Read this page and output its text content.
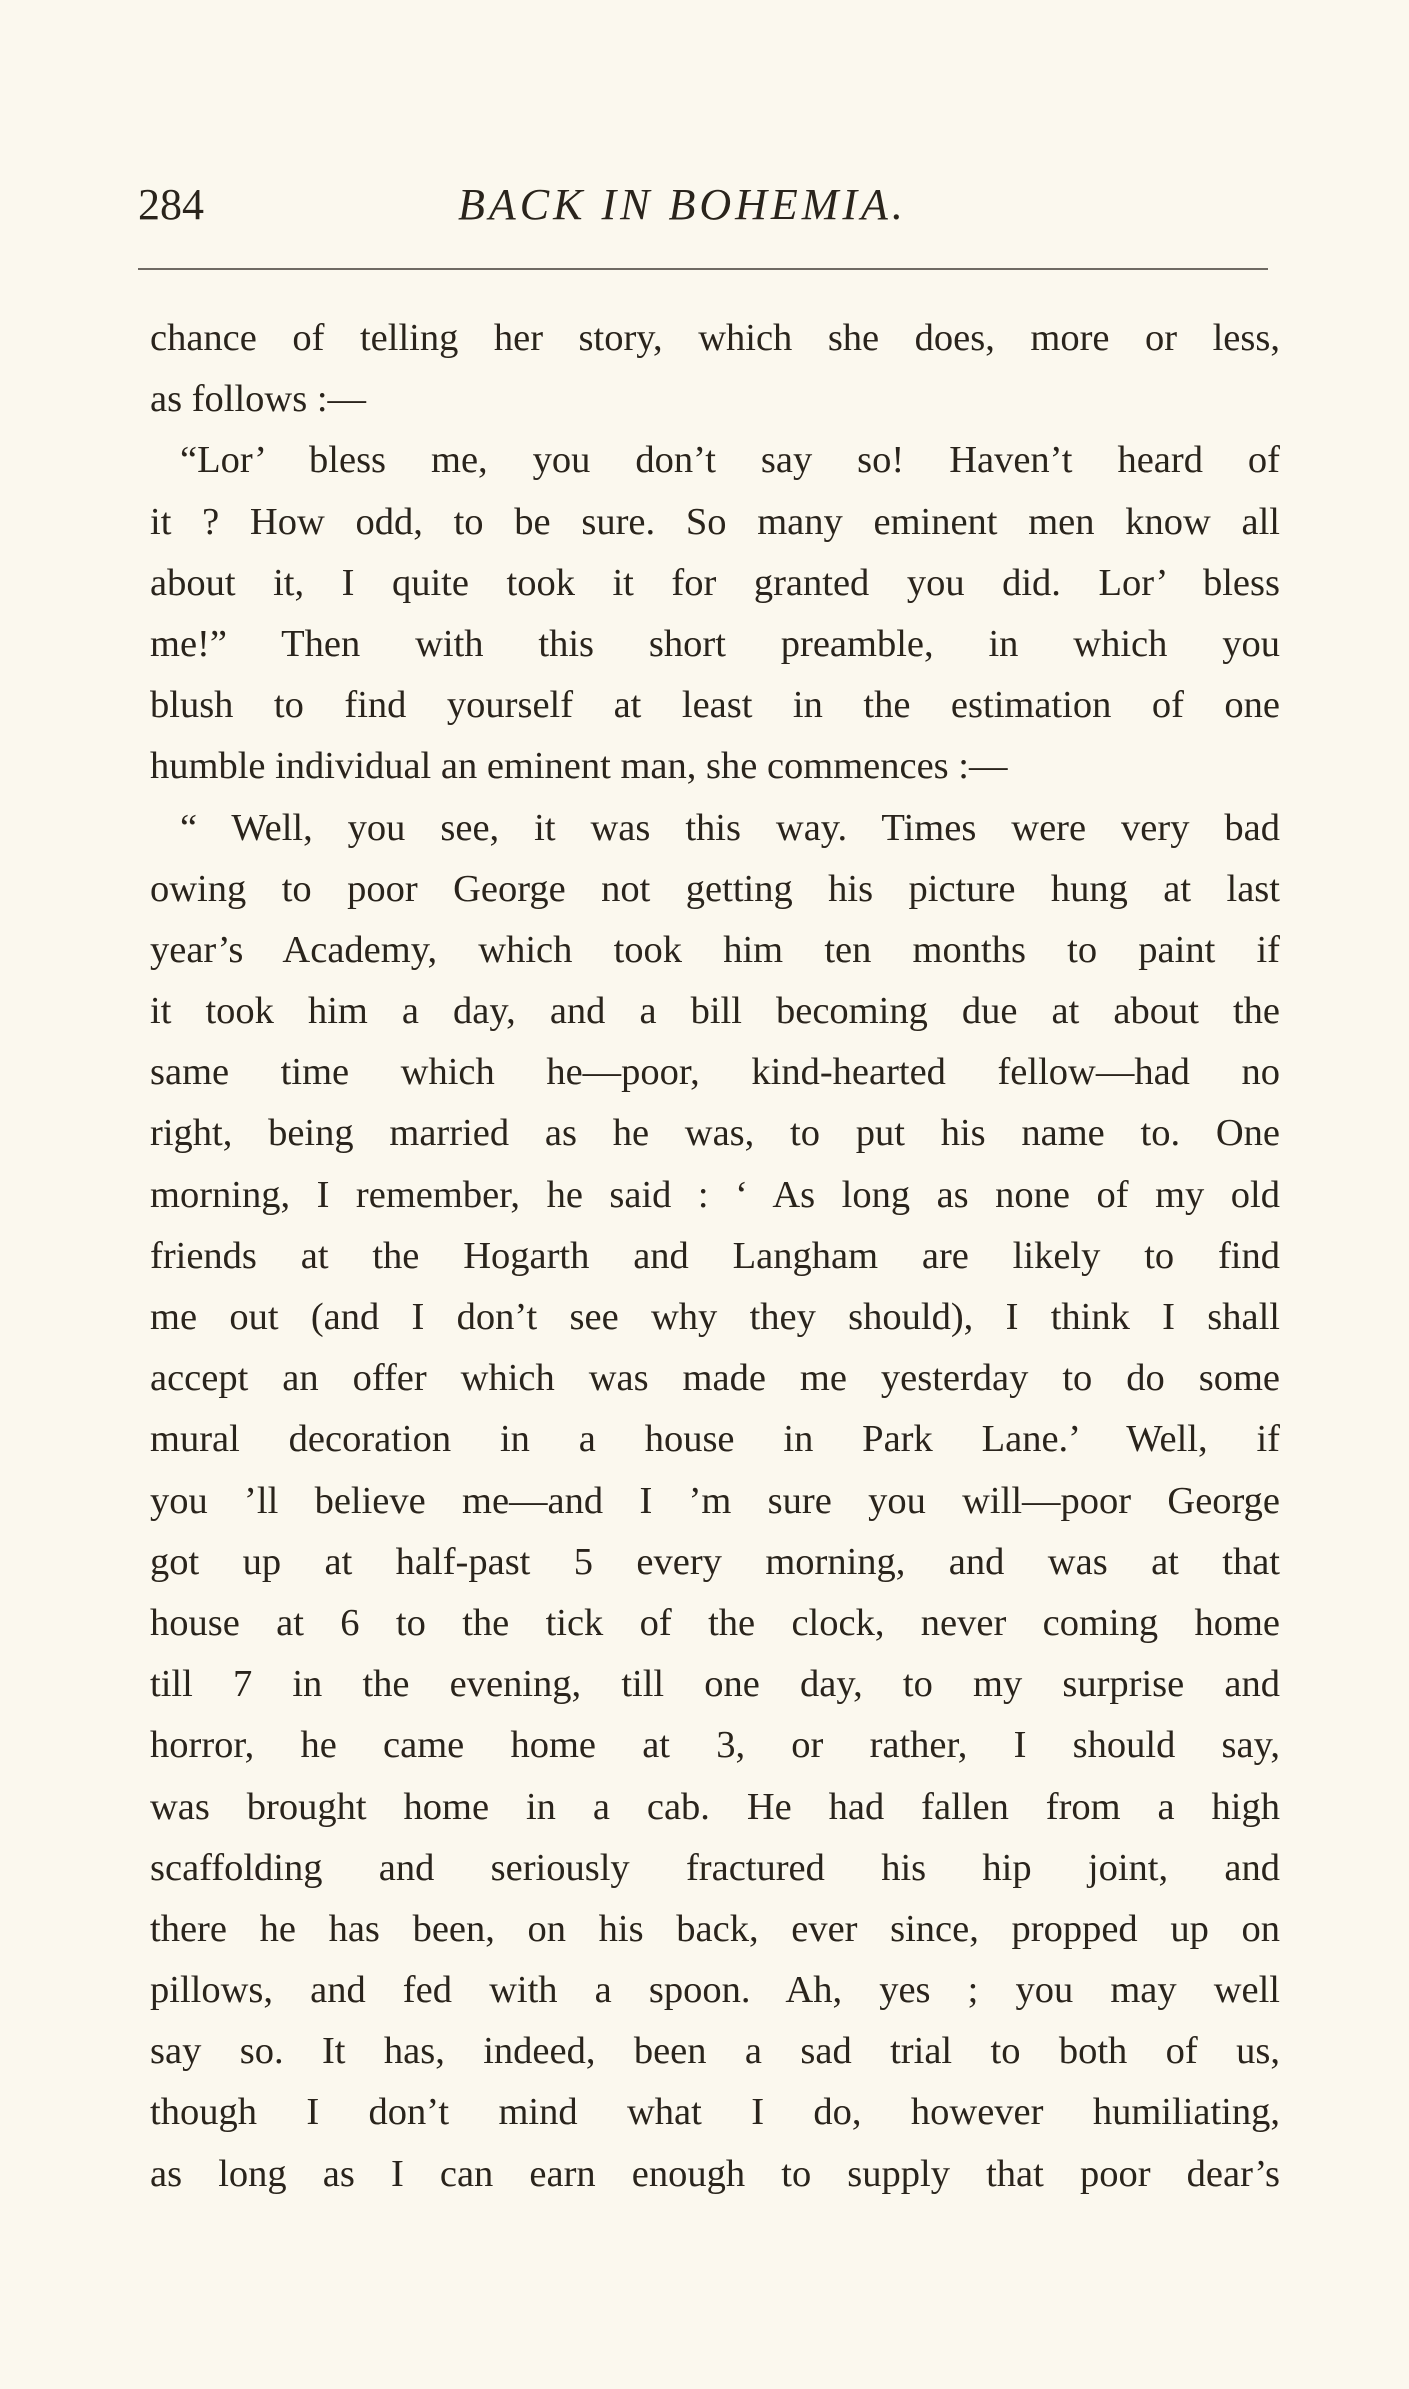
284	BACK IN BOHEMIA.
chance of telling her story, which she does, more or less,
as follows :—
“Lor’ bless me, you don’t say so! Haven’t heard of
it ? How odd, to be sure. So many eminent men know all
about it, I quite took it for granted you did. Lor’ bless
me!” Then with this short preamble, in which you
blush to find yourself at least in the estimation of one
humble individual an eminent man, she commences :—
“ Well, you see, it was this way. Times were very bad
owing to poor George not getting his picture hung at last
year’s Academy, which took him ten months to paint if
it took him a day, and a bill becoming due at about the
same time which he—poor, kind-hearted fellow—had no
right, being married as he was, to put his name to. One
morning, I remember, he said : ‘ As long as none of my old
friends at the Hogarth and Langham are likely to find
me out (and I don’t see why they should), I think I shall
accept an offer which was made me yesterday to do some
mural decoration in a house in Park Lane.’ Well, if
you ’ll believe me—and I ’m sure you will—poor George
got up at half-past 5 every morning, and was at that
house at 6 to the tick of the clock, never coming home
till 7 in the evening, till one day, to my surprise and
horror, he came home at 3, or rather, I should say,
was brought home in a cab. He had fallen from a high
scaffolding and seriously fractured his hip joint, and
there he has been, on his back, ever since, propped up on
pillows, and fed with a spoon. Ah, yes ; you may well
say so. It has, indeed, been a sad trial to both of us,
though I don’t mind what I do, however humiliating,
as long as I can earn enough to supply that poor dear’s
